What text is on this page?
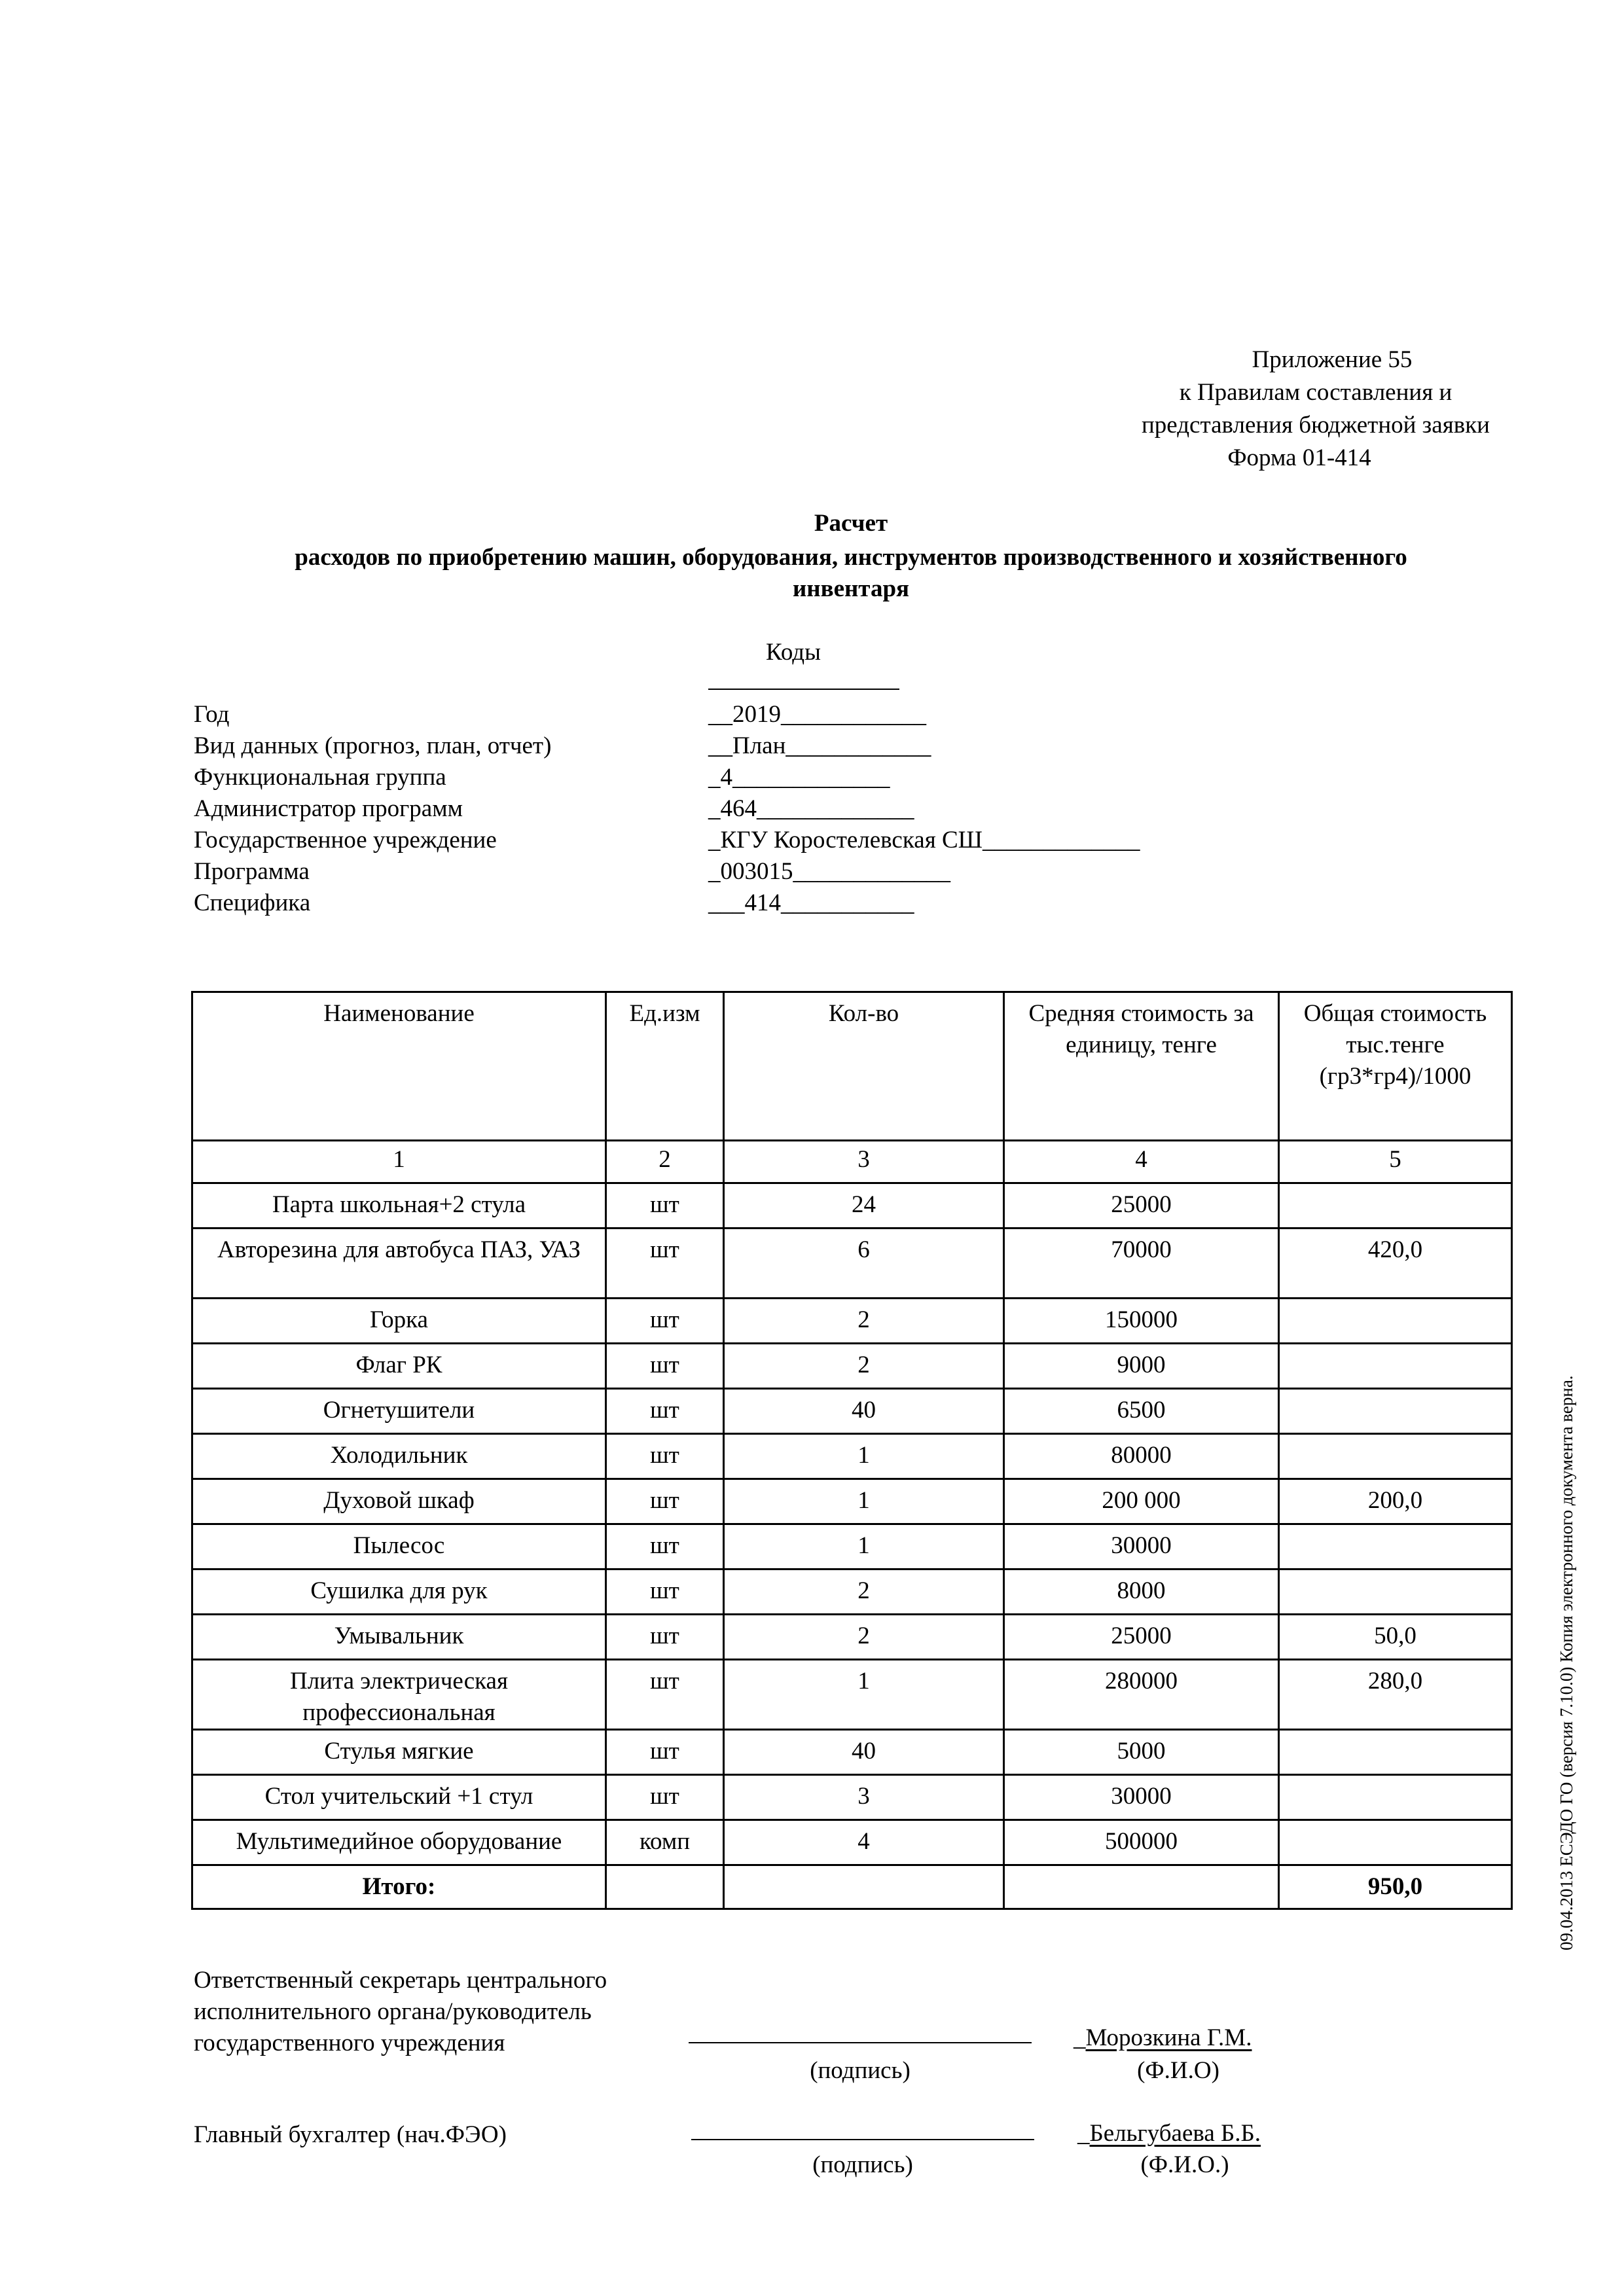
Приложение 55
к Правилам составления и
представления бюджетной заявки
Форма 01-414
Расчет
расходов по приобретению машин, оборудования, инструментов производственного и хозяйственного
инвентаря
Коды
Год	__2019____________
Вид данных (прогноз, план, отчет)	__План____________
Функциональная группа	_4_____________
Администратор программ	_464_____________
Государственное учреждение	_КГУ Коростелевская СШ_____________
Программа	_003015_____________
Специфика	___414___________
Наименование	Ед.изм	Кол-во	Средняя стоимость за единицу, тенге	Общая стоимость тыс.тенге (гр3*гр4)/1000
1	2	3	4	5
Парта школьная+2 стула	шт	24	25000	
Авторезина для автобуса ПАЗ, УАЗ	шт	6	70000	420,0
Горка	шт	2	150000	
Флаг РК	шт	2	9000	
Огнетушители	шт	40	6500	
Холодильник	шт	1	80000	
Духовой шкаф	шт	1	200 000	200,0
Пылесос	шт	1	30000	
Сушилка для рук	шт	2	8000	
Умывальник	шт	2	25000	50,0
Плита электрическая профессиональная	шт	1	280000	280,0
Стулья мягкие	шт	40	5000	
Стол учительский +1 стул	шт	3	30000	
Мультимедийное оборудование	комп	4	500000	
Итого:				950,0
Ответственный секретарь центрального
исполнительного органа/руководитель
государственного учреждения
(подпись)
_Морозкина Г.М.
(Ф.И.О)
Главный бухгалтер (нач.ФЭО)
(подпись)
_Бельгубаева Б.Б.
(Ф.И.О.)
09.04.2013 ЕСЭДО ГО (версия 7.10.0) Копия электронного документа верна.
